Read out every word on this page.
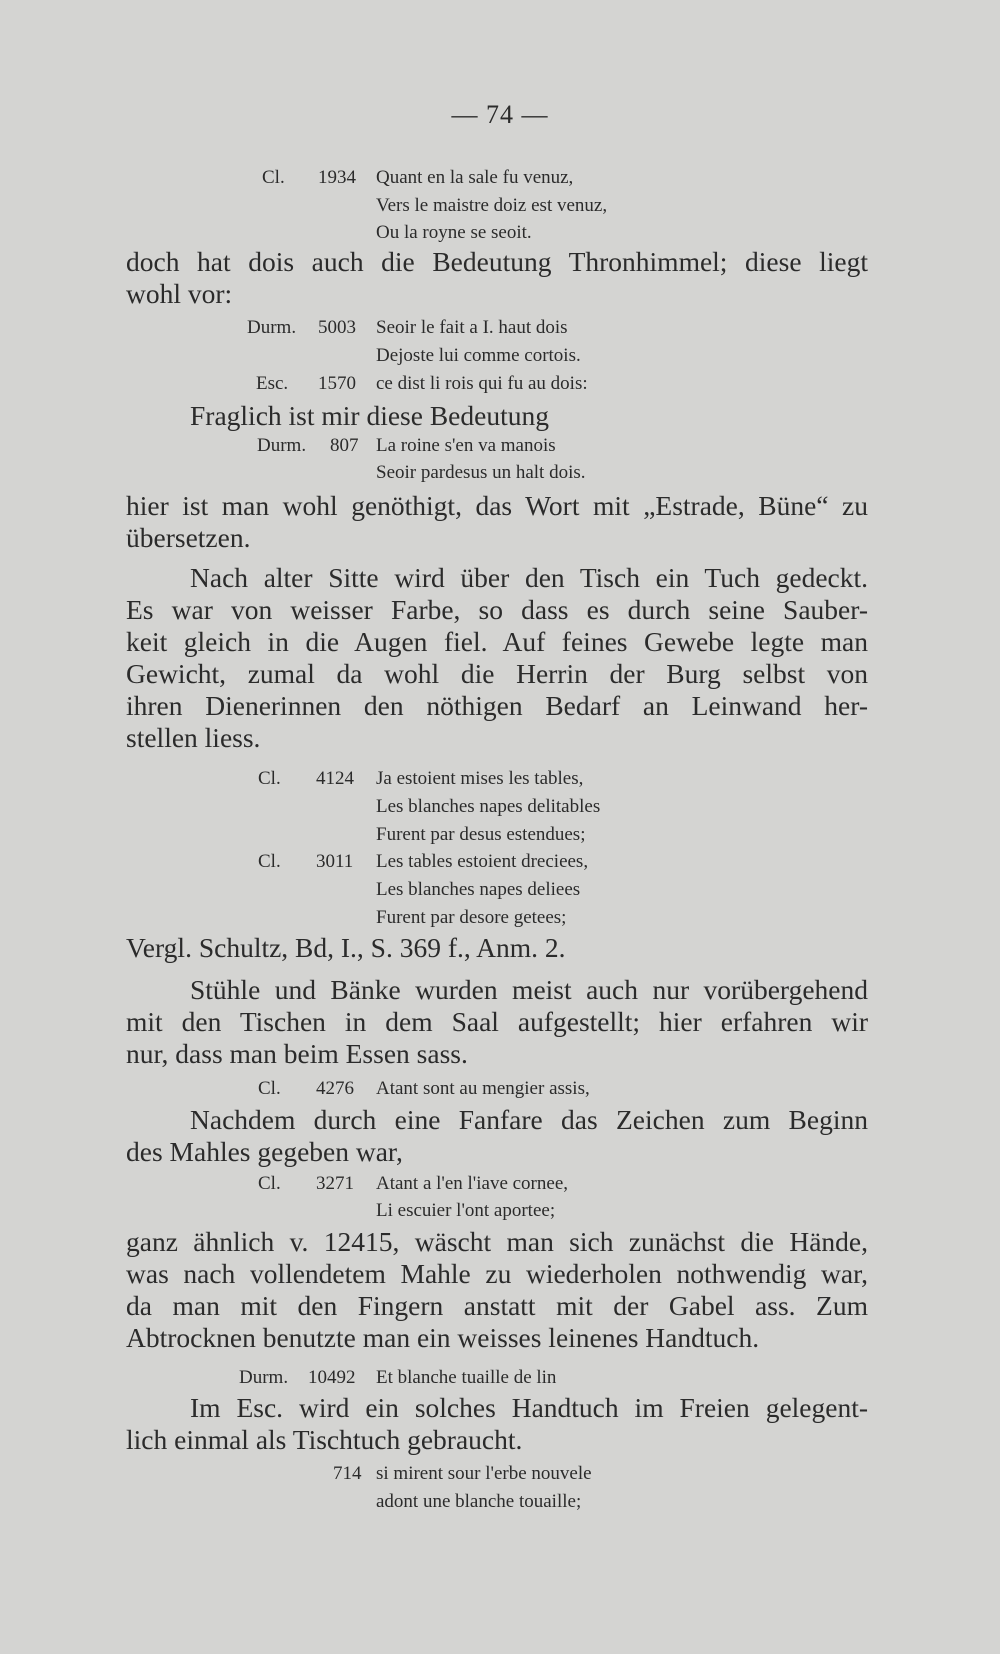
— 74 —
Cl. 1934 Quant en la sale fu venuz,
Vers le maistre doiz est venuz,
Ou la royne se seoit.
doch hat dois auch die Bedeutung Thronhimmel; diese liegt
wohl vor:
Durm. 5003 Seoir le fait a I. haut dois
Dejoste lui comme cortois.
Esc. 1570 ce dist li rois qui fu au dois:
Fraglich ist mir diese Bedeutung
Durm. 807 La roine s'en va manois
Seoir pardesus un halt dois.
hier ist man wohl genöthigt, das Wort mit „Estrade, Büne“ zu
übersetzen.
Nach alter Sitte wird über den Tisch ein Tuch gedeckt.
Es war von weisser Farbe, so dass es durch seine Sauber-
keit gleich in die Augen fiel. Auf feines Gewebe legte man
Gewicht, zumal da wohl die Herrin der Burg selbst von
ihren Dienerinnen den nöthigen Bedarf an Leinwand her-
stellen liess.
Cl. 4124 Ja estoient mises les tables,
Les blanches napes delitables
Furent par desus estendues;
Cl. 3011 Les tables estoient dreciees,
Les blanches napes deliees
Furent par desore getees;
Vergl. Schultz, Bd, I., S. 369 f., Anm. 2.
Stühle und Bänke wurden meist auch nur vorübergehend
mit den Tischen in dem Saal aufgestellt; hier erfahren wir
nur, dass man beim Essen sass.
Cl. 4276 Atant sont au mengier assis,
Nachdem durch eine Fanfare das Zeichen zum Beginn
des Mahles gegeben war,
Cl. 3271 Atant a l'en l'iave cornee,
Li escuier l'ont aportee;
ganz ähnlich v. 12415, wäscht man sich zunächst die Hände,
was nach vollendetem Mahle zu wiederholen nothwendig war,
da man mit den Fingern anstatt mit der Gabel ass. Zum
Abtrocknen benutzte man ein weisses leinenes Handtuch.
Durm. 10492 Et blanche tuaille de lin
Im Esc. wird ein solches Handtuch im Freien gelegent-
lich einmal als Tischtuch gebraucht.
714 si mirent sour l'erbe nouvele
adont une blanche touaille;
